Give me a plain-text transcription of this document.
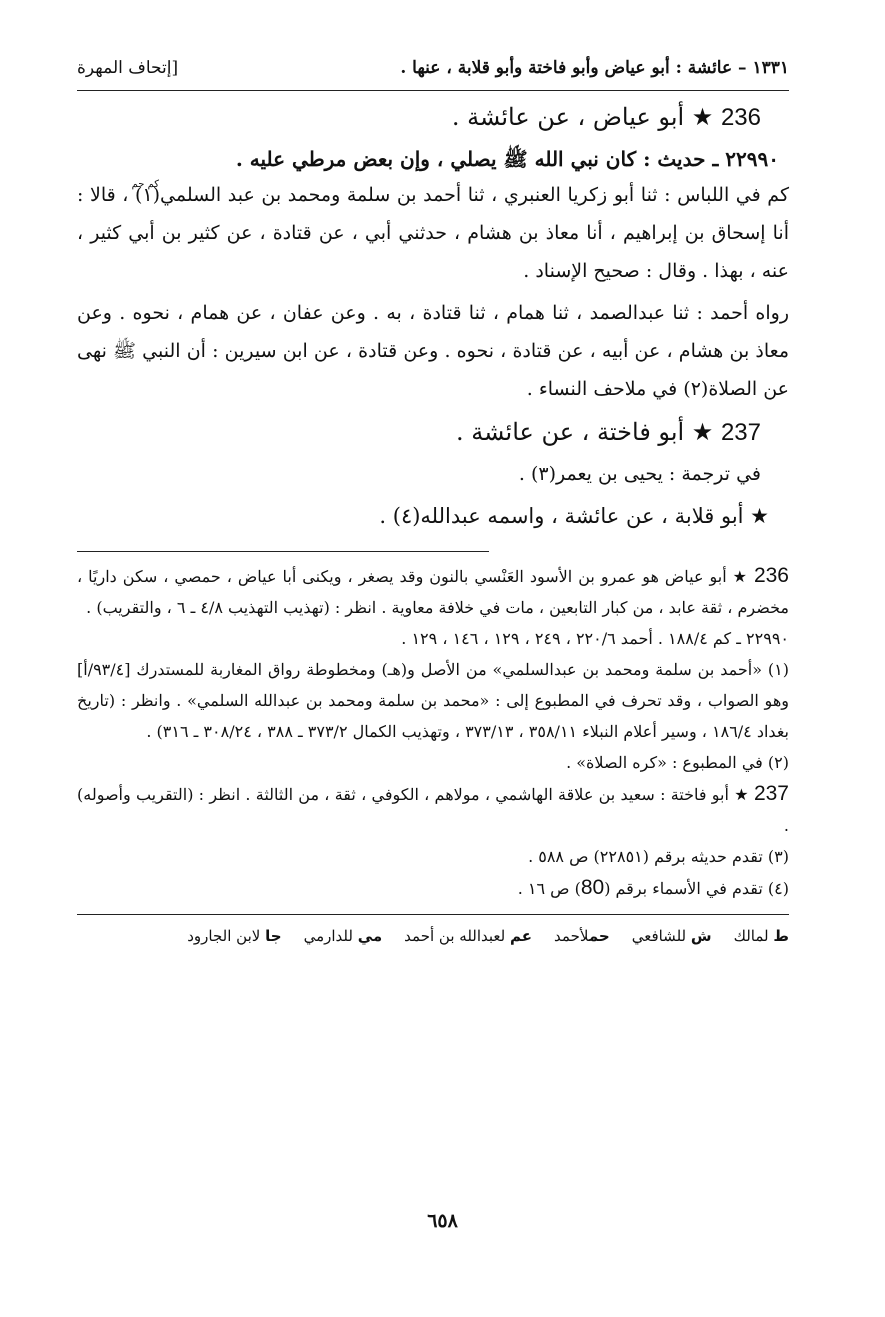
١٣٣١ – عائشة : أبو عياض وأبو فاختة وأبو قلابة ، عنها .
[إتحاف المهرة
236 ★ أبو عياض ، عن عائشة .
٢٢٩٩٠ ـ حديث : كان نبي الله ﷺ يصلي ، وإن بعض مرطي عليه .
كم حم

كم في اللباس : ثنا أبو زكريا العنبري ، ثنا أحمد بن سلمة ومحمد بن عبد السلمي(١) ، قالا : أنا إسحاق بن إبراهيم ، أنا معاذ بن هشام ، حدثني أبي ، عن قتادة ، عن كثير بن أبي كثير ، عنه ، بهذا . وقال : صحيح الإسناد .

رواه أحمد : ثنا عبدالصمد ، ثنا همام ، ثنا قتادة ، به . وعن عفان ، عن همام ، نحوه . وعن معاذ بن هشام ، عن أبيه ، عن قتادة ، نحوه . وعن قتادة ، عن ابن سيرين : أن النبي ﷺ نهى عن الصلاة(٢) في ملاحف النساء .

237 ★ أبو فاختة ، عن عائشة .
في ترجمة : يحيى بن يعمر(٣) .
★ أبو قلابة ، عن عائشة ، واسمه عبدالله(٤) .

236 ★ أبو عياض هو عمرو بن الأسود العَنْسي بالنون وقد يصغر ، ويكنى أبا عياض ، حمصي ، سكن داريًا ، مخضرم ، ثقة عابد ، من كبار التابعين ، مات في خلافة معاوية . انظر : (تهذيب التهذيب ٤/٨ ـ ٦ ، والتقريب) .

٢٢٩٩٠ ـ كم ١٨٨/٤ . أحمد ٢٢٠/٦ ، ٢٤٩ ، ١٢٩ ، ١٤٦ ، ١٢٩ .

(١) «أحمد بن سلمة ومحمد بن عبدالسلمي» من الأصل و(هـ) ومخطوطة رواق المغاربة للمستدرك [٩٣/٤/أ] وهو الصواب ، وقد تحرف في المطبوع إلى : «محمد بن سلمة ومحمد بن عبدالله السلمي» . وانظر : (تاريخ بغداد ١٨٦/٤ ، وسير أعلام النبلاء ٣٥٨/١١ ، ٣٧٣/١٣ ، وتهذيب الكمال ٣٧٣/٢ ـ ٣٨٨ ، ٣٠٨/٢٤ ـ ٣١٦) .

(٢) في المطبوع : «كره الصلاة» .

237 ★ أبو فاختة : سعيد بن علاقة الهاشمي ، مولاهم ، الكوفي ، ثقة ، من الثالثة . انظر : (التقريب وأصوله) .

(٣) تقدم حديثه برقم (٢٢٨٥١) ص ٥٨٨ .

(٤) تقدم في الأسماء برقم (80) ص ١٦ .

ط لمالك
ش للشافعي
حملأحمد
عم لعبدالله بن أحمد
مي للدارمي
جا لابن الجارود
٦٥٨
